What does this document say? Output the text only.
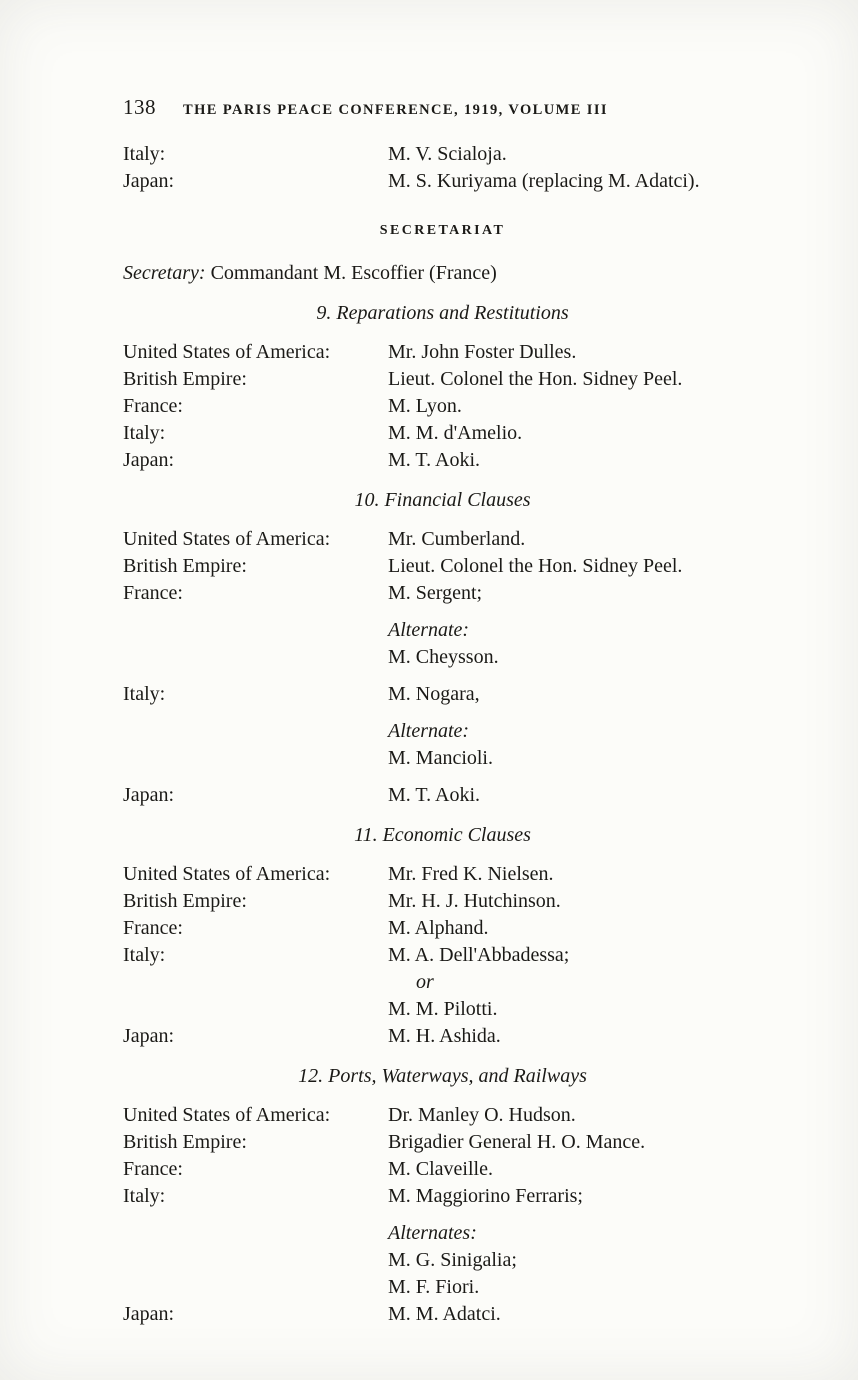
138 THE PARIS PEACE CONFERENCE, 1919, VOLUME III
Italy:	M. V. Scialoja.
Japan:	M. S. Kuriyama (replacing M. Adatci).
SECRETARIAT
Secretary: Commandant M. Escoffier (France)
9. Reparations and Restitutions
United States of America:	Mr. John Foster Dulles.
British Empire:	Lieut. Colonel the Hon. Sidney Peel.
France:	M. Lyon.
Italy:	M. M. d'Amelio.
Japan:	M. T. Aoki.
10. Financial Clauses
United States of America:	Mr. Cumberland.
British Empire:	Lieut. Colonel the Hon. Sidney Peel.
France:	M. Sergent;
Alternate:
M. Cheysson.
Italy:	M. Nogara,
Alternate:
M. Mancioli.
Japan:	M. T. Aoki.
11. Economic Clauses
United States of America:	Mr. Fred K. Nielsen.
British Empire:	Mr. H. J. Hutchinson.
France:	M. Alphand.
Italy:	M. A. Dell'Abbadessa;
or
M. M. Pilotti.
Japan:	M. H. Ashida.
12. Ports, Waterways, and Railways
United States of America:	Dr. Manley O. Hudson.
British Empire:	Brigadier General H. O. Mance.
France:	M. Claveille.
Italy:	M. Maggiorino Ferraris;
Alternates:
M. G. Sinigalia;
M. F. Fiori.
Japan:	M. M. Adatci.
